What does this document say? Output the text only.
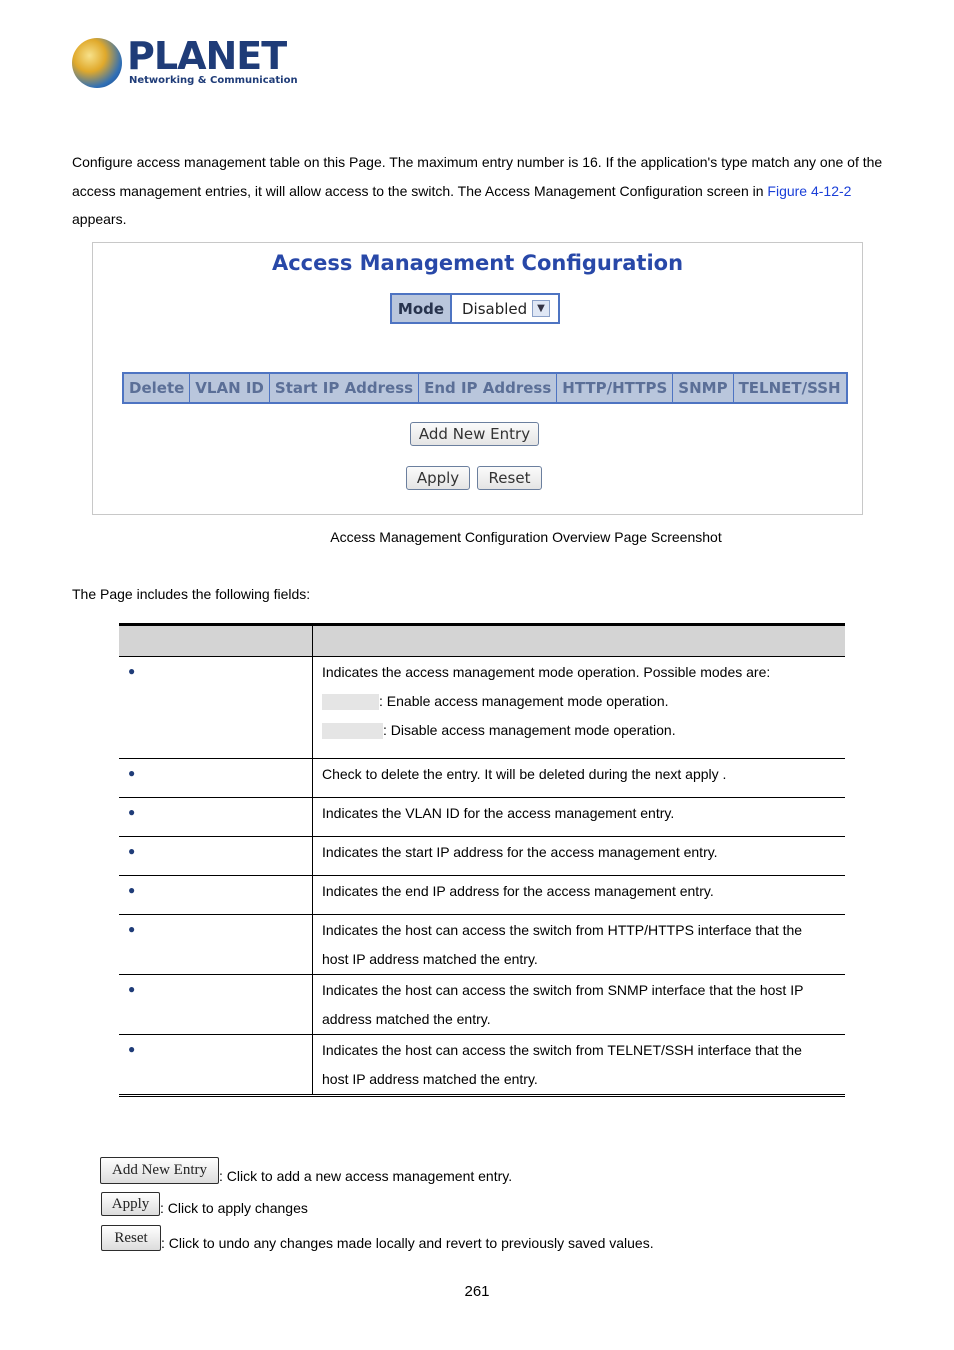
PLANET
Networking & Communication
Configure access management table on this Page. The maximum entry number is 16. If the application's type match any one of the access management entries, it will allow access to the switch. The Access Management Configuration screen in Figure 4-12-2 appears.
Access Management Configuration
Mode	Disabled ▼
Delete	VLAN ID	Start IP Address	End IP Address	HTTP/HTTPS	SNMP	TELNET/SSH
Add New Entry
Apply	Reset
Access Management Configuration Overview Page Screenshot
The Page includes the following fields:

●	Indicates the access management mode operation. Possible modes are:
: Enable access management mode operation.
: Disable access management mode operation.

●	Check to delete the entry. It will be deleted during the next apply .

●	Indicates the VLAN ID for the access management entry.

●	Indicates the start IP address for the access management entry.

●	Indicates the end IP address for the access management entry.

●	Indicates the host can access the switch from HTTP/HTTPS interface that the
host IP address matched the entry.

●	Indicates the host can access the switch from SNMP interface that the host IP
address matched the entry.

●	Indicates the host can access the switch from TELNET/SSH interface that the
host IP address matched the entry.
Add New Entry : Click to add a new access management entry.
Apply : Click to apply changes
Reset : Click to undo any changes made locally and revert to previously saved values.
261
